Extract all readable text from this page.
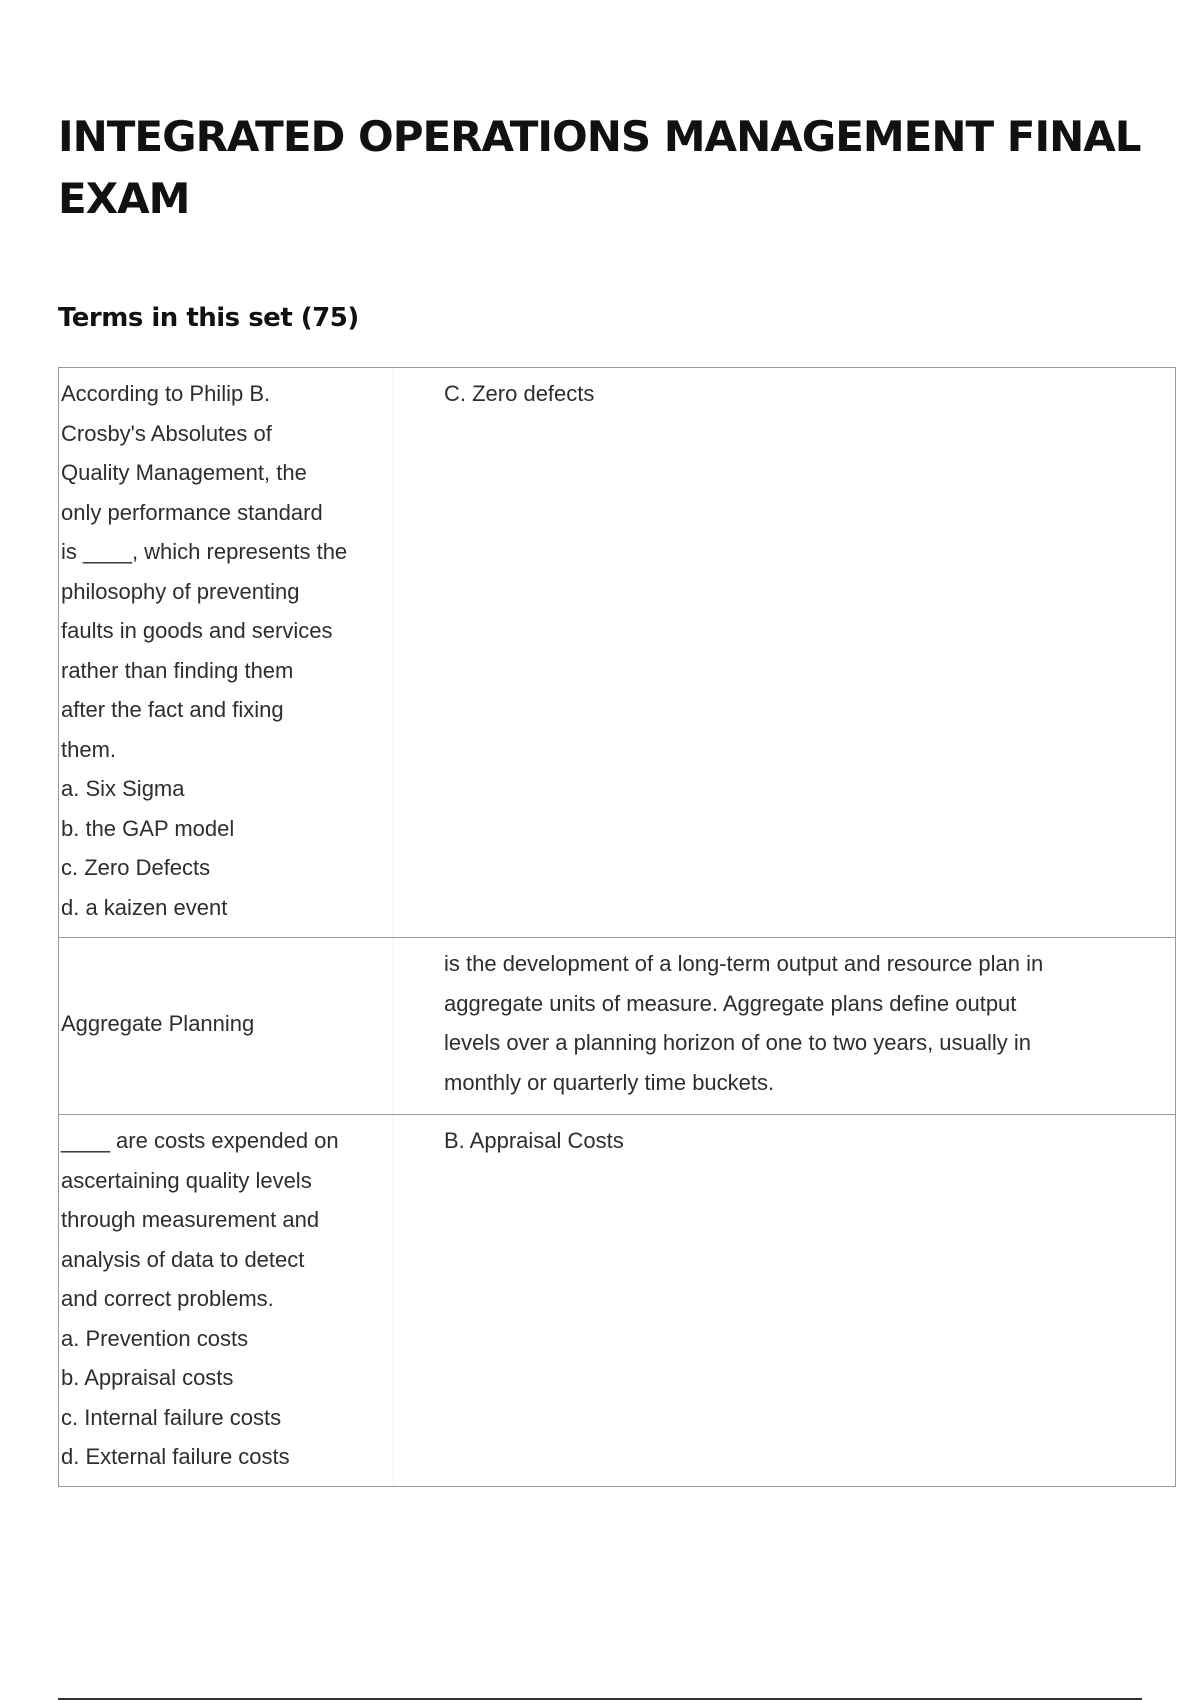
INTEGRATED OPERATIONS MANAGEMENT FINAL EXAM
Terms in this set (75)
According to Philip B.
Crosby's Absolutes of
Quality Management, the
only performance standard
is ____, which represents the
philosophy of preventing
faults in goods and services
rather than finding them
after the fact and fixing
them.
a. Six Sigma
b. the GAP model
c. Zero Defects
d. a kaizen event
C. Zero defects
Aggregate Planning
is the development of a long-term output and resource plan in aggregate units of measure. Aggregate plans define output levels over a planning horizon of one to two years, usually in monthly or quarterly time buckets.
____ are costs expended on
ascertaining quality levels
through measurement and
analysis of data to detect
and correct problems.
a. Prevention costs
b. Appraisal costs
c. Internal failure costs
d. External failure costs
B. Appraisal Costs
